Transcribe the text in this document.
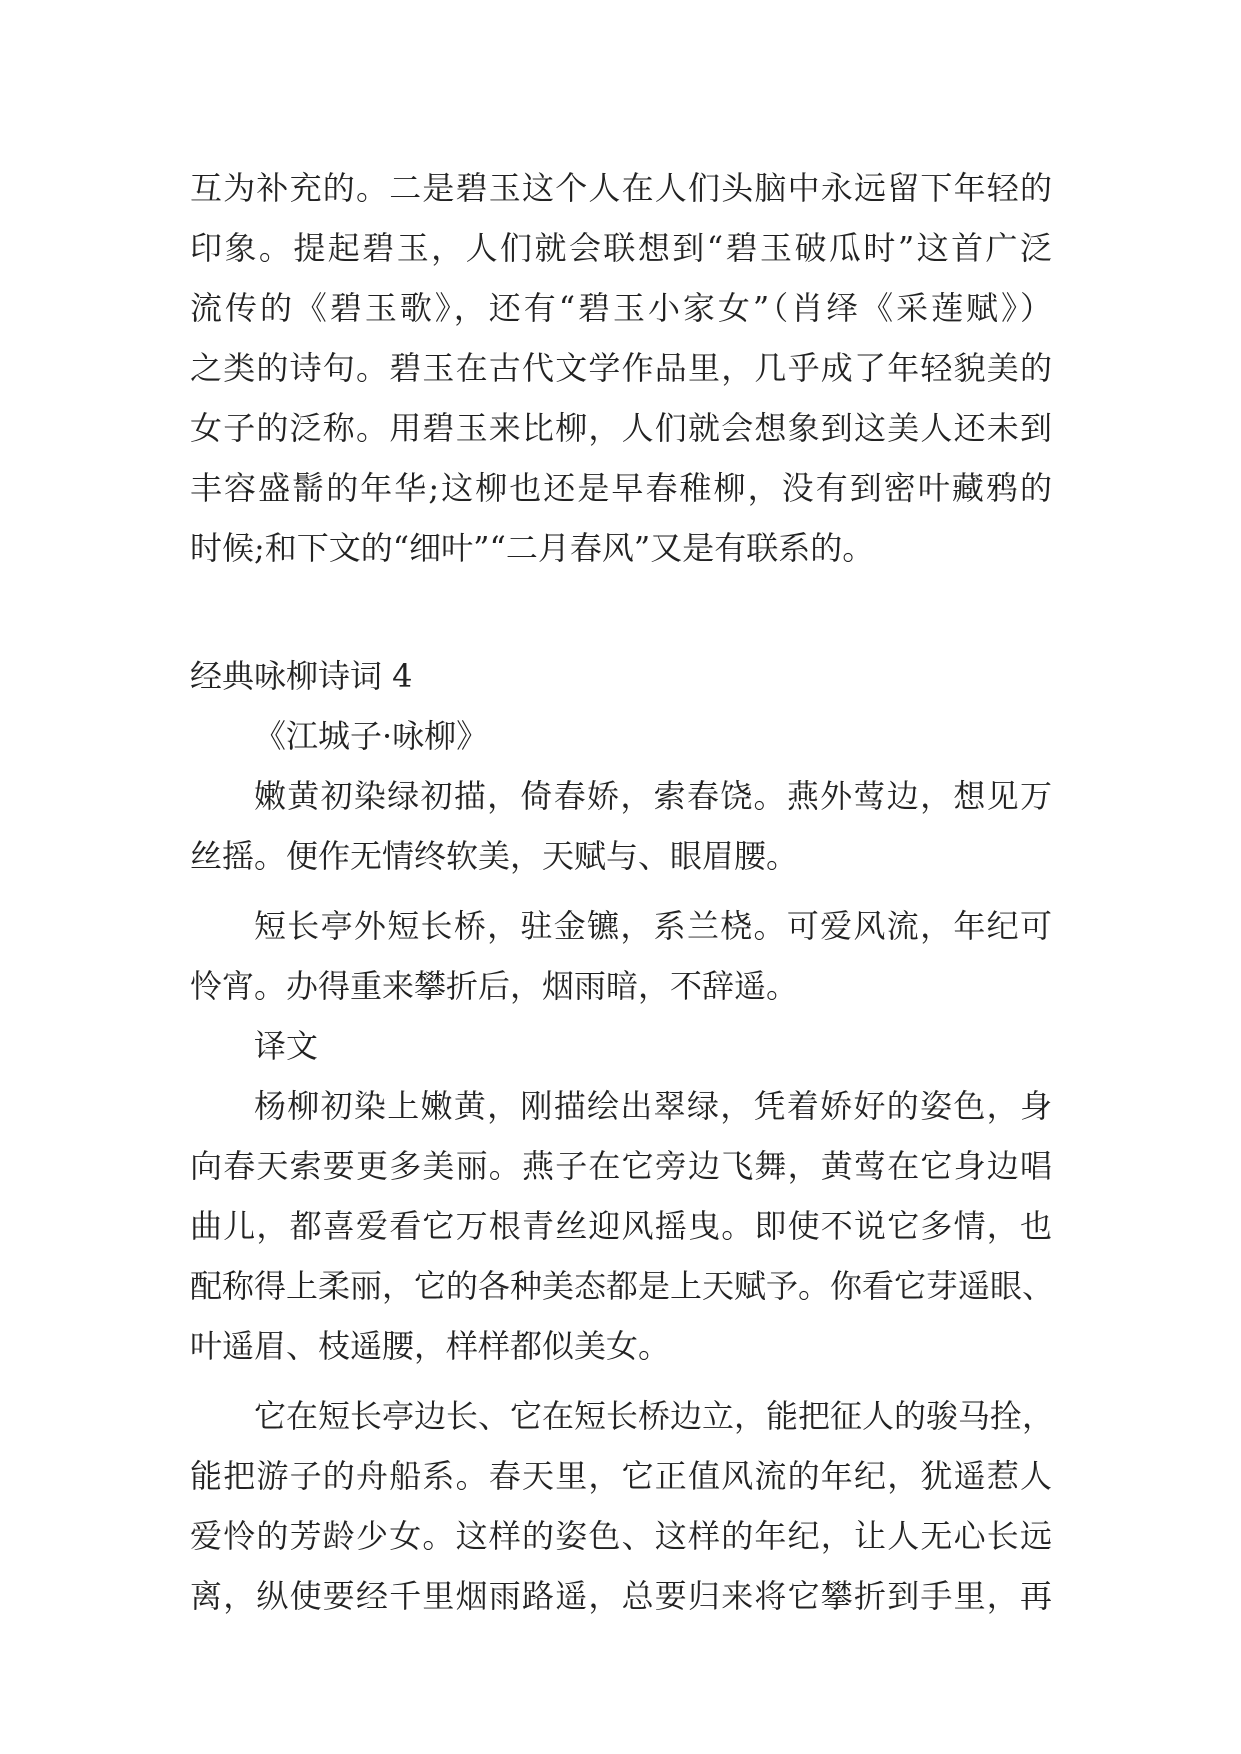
互为补充的。二是碧玉这个人在人们头脑中永远留下年轻的

印象。提起碧玉，人们就会联想到“碧玉破瓜时”这首广泛

流传的《碧玉歌》，还有“碧玉小家女”（肖绎《采莲赋》）

之类的诗句。碧玉在古代文学作品里，几乎成了年轻貌美的

女子的泛称。用碧玉来比柳，人们就会想象到这美人还未到

丰容盛鬋的年华;这柳也还是早春稚柳，没有到密叶藏鸦的

时候;和下文的“细叶”“二月春风”又是有联系的。

经典咏柳诗词 4

《江城子·咏柳》

嫩黄初染绿初描，倚春娇，索春饶。燕外莺边，想见万

丝摇。便作无情终软美，天赋与、眼眉腰。

短长亭外短长桥，驻金镳，系兰桡。可爱风流，年纪可

怜宵。办得重来攀折后，烟雨暗，不辞遥。

译文

杨柳初染上嫩黄，刚描绘出翠绿，凭着娇好的姿色，身

向春天索要更多美丽。燕子在它旁边飞舞，黄莺在它身边唱

曲儿，都喜爱看它万根青丝迎风摇曳。即使不说它多情，也

配称得上柔丽，它的各种美态都是上天赋予。你看它芽遥眼、

叶遥眉、枝遥腰，样样都似美女。

它在短长亭边长、它在短长桥边立，能把征人的骏马拴，

能把游子的舟船系。春天里，它正值风流的年纪，犹遥惹人

爱怜的芳龄少女。这样的姿色、这样的年纪，让人无心长远

离，纵使要经千里烟雨路遥，总要归来将它攀折到手里，再
